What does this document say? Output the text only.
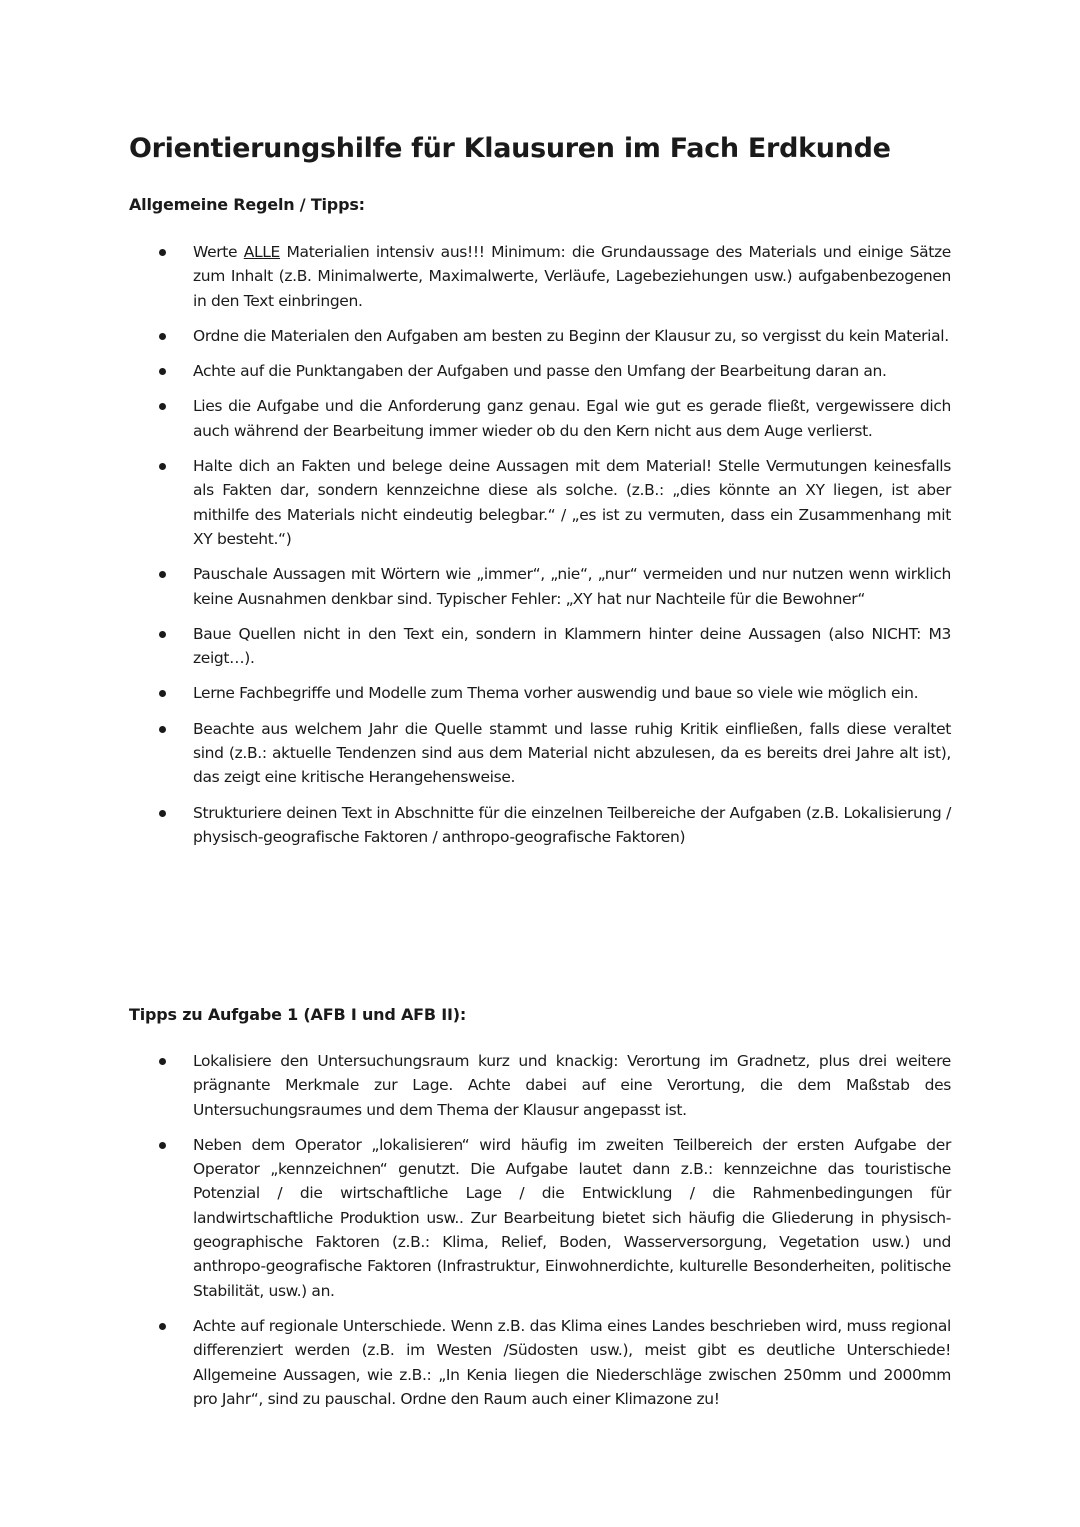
Orientierungshilfe für Klausuren im Fach Erdkunde
Allgemeine Regeln / Tipps:
Werte ALLE Materialien intensiv aus!!! Minimum: die Grundaussage des Materials und einige Sätze zum Inhalt (z.B. Minimalwerte, Maximalwerte, Verläufe, Lagebeziehungen usw.) aufgabenbezogenen in den Text einbringen.
Ordne die Materialen den Aufgaben am besten zu Beginn der Klausur zu, so vergisst du kein Material.
Achte auf die Punktangaben der Aufgaben und passe den Umfang der Bearbeitung daran an.
Lies die Aufgabe und die Anforderung ganz genau. Egal wie gut es gerade fließt, vergewissere dich auch während der Bearbeitung immer wieder ob du den Kern nicht aus dem Auge verlierst.
Halte dich an Fakten und belege deine Aussagen mit dem Material! Stelle Vermutungen keinesfalls als Fakten dar, sondern kennzeichne diese als solche. (z.B.: „dies könnte an XY liegen, ist aber mithilfe des Materials nicht eindeutig belegbar.“ / „es ist zu vermuten, dass ein Zusammenhang mit XY besteht.“)
Pauschale Aussagen mit Wörtern wie „immer“, „nie“, „nur“ vermeiden und nur nutzen wenn wirklich keine Ausnahmen denkbar sind. Typischer Fehler: „XY hat nur Nachteile für die Bewohner“
Baue Quellen nicht in den Text ein, sondern in Klammern hinter deine Aussagen (also NICHT: M3 zeigt…).
Lerne Fachbegriffe und Modelle zum Thema vorher auswendig und baue so viele wie möglich ein.
Beachte aus welchem Jahr die Quelle stammt und lasse ruhig Kritik einfließen, falls diese veraltet sind (z.B.: aktuelle Tendenzen sind aus dem Material nicht abzulesen, da es bereits drei Jahre alt ist), das zeigt eine kritische Herangehensweise.
Strukturiere deinen Text in Abschnitte für die einzelnen Teilbereiche der Aufgaben (z.B. Lokalisierung / physisch-geografische Faktoren / anthropo-geografische Faktoren)
Tipps zu Aufgabe 1 (AFB I und AFB II):
Lokalisiere den Untersuchungsraum kurz und knackig: Verortung im Gradnetz, plus drei weitere prägnante Merkmale zur Lage. Achte dabei auf eine Verortung, die dem Maßstab des Untersuchungsraumes und dem Thema der Klausur angepasst ist.
Neben dem Operator „lokalisieren“ wird häufig im zweiten Teilbereich der ersten Aufgabe der Operator „kennzeichnen“ genutzt. Die Aufgabe lautet dann z.B.: kennzeichne das touristische Potenzial / die wirtschaftliche Lage / die Entwicklung / die Rahmenbedingungen für landwirtschaftliche Produktion usw.. Zur Bearbeitung bietet sich häufig die Gliederung in physisch-geographische Faktoren (z.B.: Klima, Relief, Boden, Wasserversorgung, Vegetation usw.) und anthropo-geografische Faktoren (Infrastruktur, Einwohnerdichte, kulturelle Besonderheiten, politische Stabilität, usw.) an.
Achte auf regionale Unterschiede. Wenn z.B. das Klima eines Landes beschrieben wird, muss regional differenziert werden (z.B. im Westen /Südosten usw.), meist gibt es deutliche Unterschiede! Allgemeine Aussagen, wie z.B.: „In Kenia liegen die Niederschläge zwischen 250mm und 2000mm pro Jahr“, sind zu pauschal. Ordne den Raum auch einer Klimazone zu!
